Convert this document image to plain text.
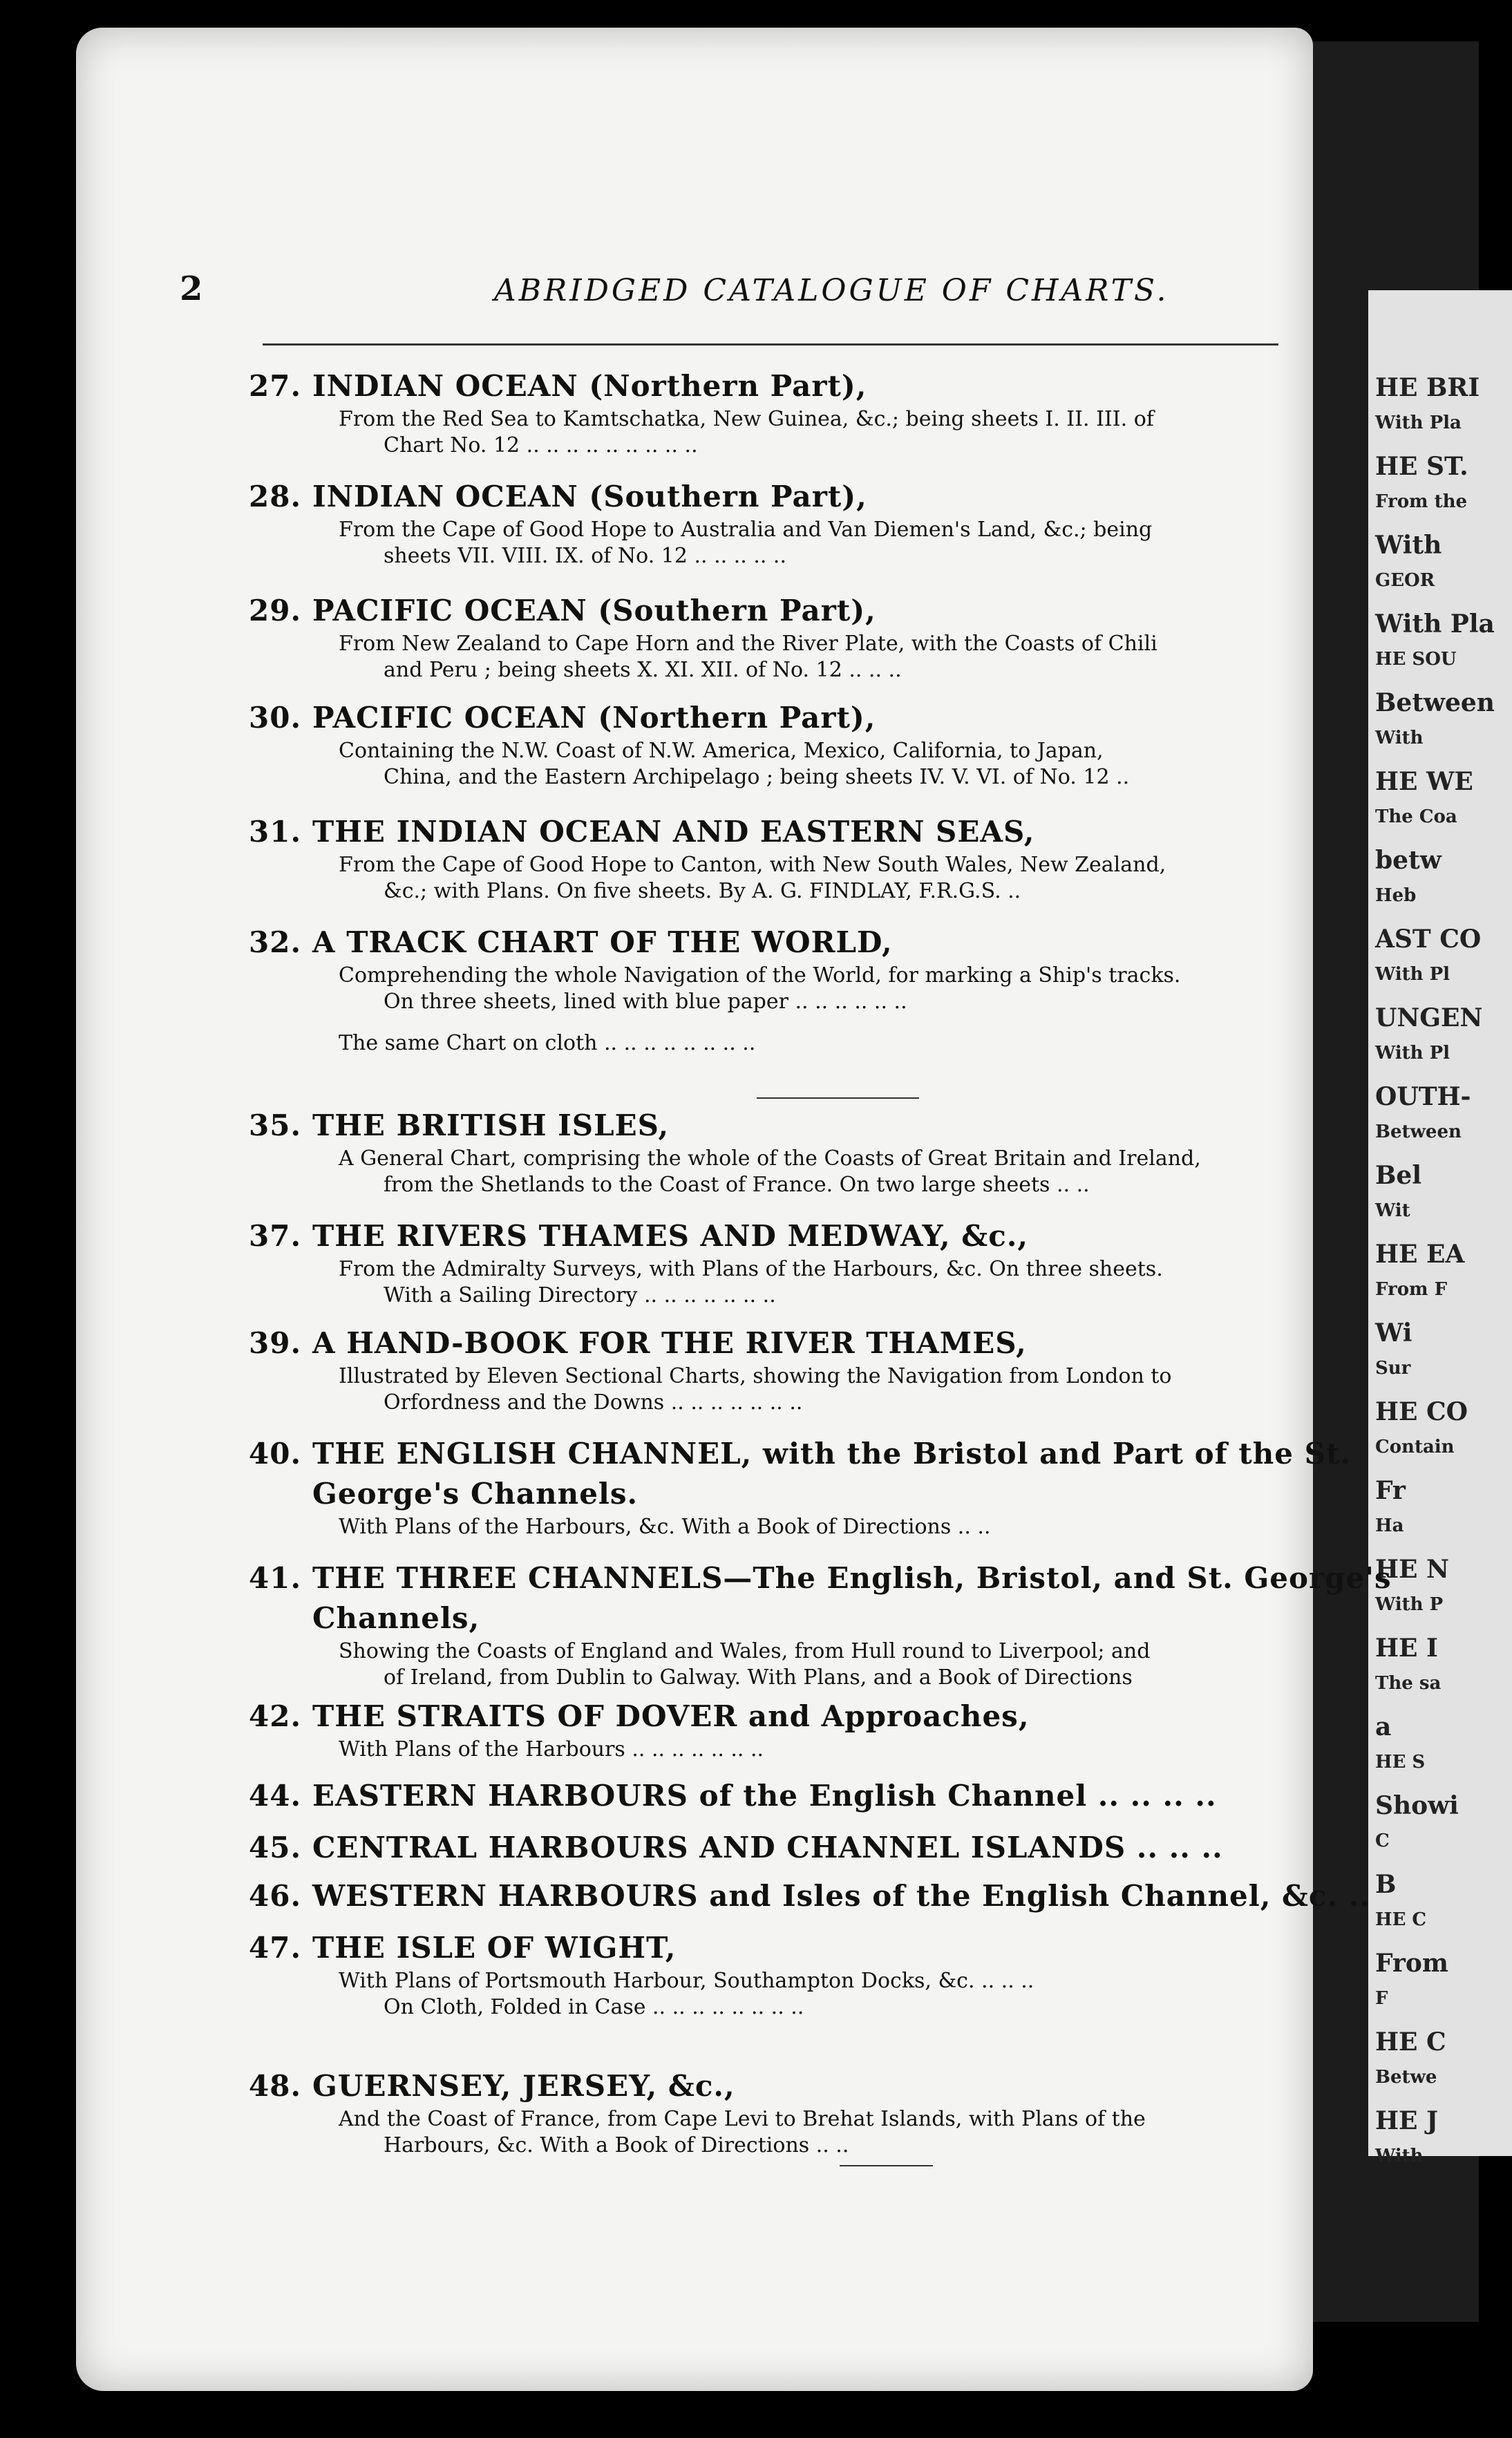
HE BRI
With Pla
HE ST.
From the
With
GEOR
With Pla
HE SOU
Between
With
HE WE
The Coa
betw
Heb
AST CO
With Pl
UNGEN
With Pl
OUTH-
Between
Bel
Wit
HE EA
From F
Wi
Sur
HE CO
Contain
Fr
Ha
HE N
With P
HE I
The sa
a
HE S
Showi
C
B
HE C
From
F
HE C
Betwe
HE J
With
2	ABRIDGED CATALOGUE OF CHARTS.
27. INDIAN OCEAN (Northern Part),
From the Red Sea to Kamtschatka, New Guinea, &c.; being sheets I. II. III. of
Chart No. 12 .. .. .. .. .. .. .. .. ..
28. INDIAN OCEAN (Southern Part),
From the Cape of Good Hope to Australia and Van Diemen's Land, &c.; being
sheets VII. VIII. IX. of No. 12 .. .. .. .. ..
29. PACIFIC OCEAN (Southern Part),
From New Zealand to Cape Horn and the River Plate, with the Coasts of Chili
and Peru ; being sheets X. XI. XII. of No. 12 .. .. ..
30. PACIFIC OCEAN (Northern Part),
Containing the N.W. Coast of N.W. America, Mexico, California, to Japan,
China, and the Eastern Archipelago ; being sheets IV. V. VI. of No. 12 ..
31. THE INDIAN OCEAN AND EASTERN SEAS,
From the Cape of Good Hope to Canton, with New South Wales, New Zealand,
&c.; with Plans. On five sheets. By A. G. FINDLAY, F.R.G.S. ..
32. A TRACK CHART OF THE WORLD,
Comprehending the whole Navigation of the World, for marking a Ship's tracks.
On three sheets, lined with blue paper .. .. .. .. .. ..
The same Chart on cloth .. .. .. .. .. .. .. ..
35. THE BRITISH ISLES,
A General Chart, comprising the whole of the Coasts of Great Britain and Ireland,
from the Shetlands to the Coast of France. On two large sheets .. ..
37. THE RIVERS THAMES AND MEDWAY, &c.,
From the Admiralty Surveys, with Plans of the Harbours, &c. On three sheets.
With a Sailing Directory .. .. .. .. .. .. ..
39. A HAND-BOOK FOR THE RIVER THAMES,
Illustrated by Eleven Sectional Charts, showing the Navigation from London to
Orfordness and the Downs .. .. .. .. .. .. ..
40. THE ENGLISH CHANNEL, with the Bristol and Part of the St.
George's Channels.
With Plans of the Harbours, &c. With a Book of Directions .. ..
41. THE THREE CHANNELS—The English, Bristol, and St. George's
Channels,
Showing the Coasts of England and Wales, from Hull round to Liverpool; and
of Ireland, from Dublin to Galway. With Plans, and a Book of Directions
42. THE STRAITS OF DOVER and Approaches,
With Plans of the Harbours .. .. .. .. .. .. ..
44. EASTERN HARBOURS of the English Channel .. .. .. ..
45. CENTRAL HARBOURS AND CHANNEL ISLANDS .. .. ..
46. WESTERN HARBOURS and Isles of the English Channel, &c. ..
47. THE ISLE OF WIGHT,
With Plans of Portsmouth Harbour, Southampton Docks, &c. .. .. ..
On Cloth, Folded in Case .. .. .. .. .. .. .. ..
48. GUERNSEY, JERSEY, &c.,
And the Coast of France, from Cape Levi to Brehat Islands, with Plans of the
Harbours, &c. With a Book of Directions .. ..
